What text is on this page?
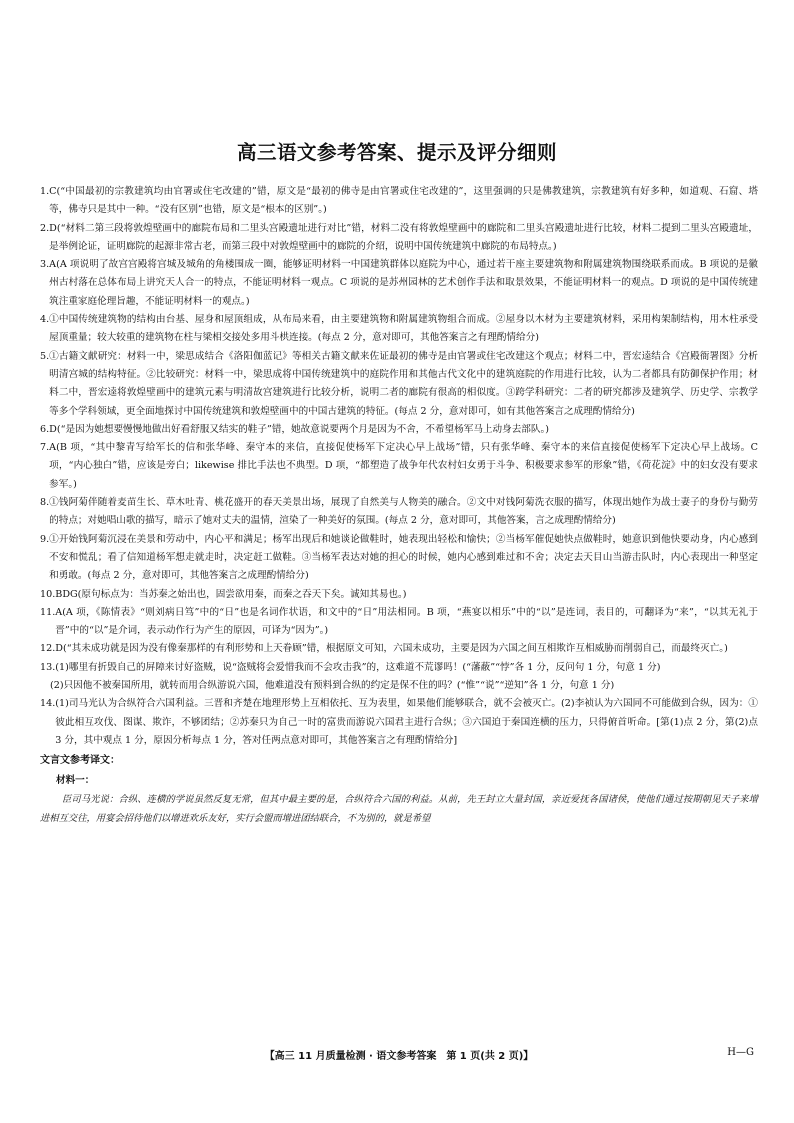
高三语文参考答案、提示及评分细则
1. C(“中国最初的宗教建筑均由官署或住宅改建的”错，原文是“最初的佛寺是由官署或住宅改建的”，这里强调的只是佛教建筑，宗教建筑有好多种，如道观、石窟、塔等，佛寺只是其中一种。“没有区别”也错，原文是“根本的区别”。)
2. D(“材料二第三段将敦煌壁画中的廊院布局和二里头宫殿遗址进行对比”错，材料二没有将敦煌壁画中的廊院和二里头宫殿遗址进行比较，材料二提到二里头宫殿遗址，是举例论证，证明廊院的起源非常古老，而第三段中对敦煌壁画中的廊院的介绍，说明中国传统建筑中廊院的布局特点。)
3. A(A 项说明了故宫宫殿将宫城及城角的角楼围成一圈，能够证明材料一中国建筑群体以庭院为中心，通过若干座主要建筑物和附属建筑物围绕联系而成。B 项说的是徽州古村落在总体布局上讲究天人合一的特点，不能证明材料一观点。C 项说的是苏州园林的艺术创作手法和取景效果，不能证明材料一的观点。D 项说的是中国传统建筑注重家庭伦理旨趣，不能证明材料一的观点。)
4. ①中国传统建筑物的结构由台基、屋身和屋顶组成，从布局来看，由主要建筑物和附属建筑物组合而成。②屋身以木材为主要建筑材料，采用构架制结构，用木柱承受屋顶重量；较大较重的建筑物在柱与梁相交接处多用斗栱连接。(每点 2 分，意对即可，其他答案言之有理酌情给分)
5. ①古籍文献研究：材料一中，梁思成结合《洛阳伽蓝记》等相关古籍文献来佐证最初的佛寺是由官署或住宅改建这个观点；材料二中，晋宏逵结合《宫殿衙署图》分析明清宫城的结构特征。②比较研究：材料一中，梁思成将中国传统建筑中的庭院作用和其他古代文化中的建筑庭院的作用进行比较，认为二者都具有防御保护作用；材料二中，晋宏逵将敦煌壁画中的建筑元素与明清故宫建筑进行比较分析，说明二者的廊院有很高的相似度。③跨学科研究：二者的研究都涉及建筑学、历史学、宗教学等多个学科领域，更全面地探讨中国传统建筑和敦煌壁画中的中国古建筑的特征。(每点 2 分，意对即可，如有其他答案言之成理酌情给分)
6. D(“是因为她想要慢慢地做出好看舒服又结实的鞋子”错，她故意说要两个月是因为不舍，不希望杨军马上动身去部队。)
7. A(B 项，“其中黎青写给军长的信和张华峰、秦守本的来信，直接促使杨军下定决心早上战场”错，只有张华峰、秦守本的来信直接促使杨军下定决心早上战场。C 项，“内心独白”错，应该是旁白；likewise 排比手法也不典型。D 项，“都塑造了战争年代农村妇女勇于斗争、积极要求参军的形象”错，《荷花淀》中的妇女没有要求参军。)
8. ①钱阿菊伴随着麦苗生长、草木吐青、桃花盛开的春天美景出场，展现了自然美与人物美的融合。②文中对钱阿菊洗衣服的描写，体现出她作为战士妻子的身份与勤劳的特点；对她唱山歌的描写，暗示了她对丈夫的温情，渲染了一种美好的氛围。(每点 2 分，意对即可，其他答案，言之成理酌情给分)
9. ①开始钱阿菊沉浸在美景和劳动中，内心平和满足；杨军出现后和她谈论做鞋时，她表现出轻松和愉快；②当杨军催促她快点做鞋时，她意识到他快要动身，内心感到不安和慌乱；看了信知道杨军想走就走时，决定赶工做鞋。③当杨军表达对她的担心的时候，她内心感到难过和不舍；决定去天目山当游击队时，内心表现出一种坚定和勇敢。(每点 2 分，意对即可，其他答案言之成理酌情给分)
10. BDG(原句标点为：当苏秦之始出也，固尝欲用秦，而秦之吞天下矣。诚知其易也。)
11. A(A 项，《陈情表》“则刘病日笃”中的“日”也是名词作状语，和文中的“日”用法相同。B 项，“燕宴以相乐”中的“以”是连词，表目的，可翻译为“来”，“以其无礼于晋”中的“以”是介词，表示动作行为产生的原因，可译为“因为”。)
12. D(“其未成功就是因为没有像秦那样的有利形势和上天眷顾”错，根据原文可知，六国未成功，主要是因为六国之间互相欺诈互相威胁而削弱自己，而最终灭亡。)
13. (1)哪里有折毁自己的屏障来讨好盗贼，说“盗贼将会爱惜我而不会攻击我”的，这难道不荒谬吗！(“藩蔽”“悖”各 1 分，反问句 1 分，句意 1 分)
(2)只因他不被秦国所用，就转而用合纵游说六国，他难道没有预料到合纵的约定是保不住的吗？(“惟”“说”“逆知”各 1 分，句意 1 分)
14. (1)司马光认为合纵符合六国利益。三晋和齐楚在地理形势上互相依托、互为表里，如果他们能够联合，就不会被灭亡。(2)李祯认为六国同不可能做到合纵，因为：①彼此相互攻伐、图谋、欺诈，不够团结；②苏秦只为自己一时的富贵而游说六国君主进行合纵；③六国迫于秦国连横的压力，只得俯首听命。[第(1)点 2 分，第(2)点 3 分，其中观点 1 分，原因分析每点 1 分，答对任两点意对即可，其他答案言之有理酌情给分]
文言文参考译文：
材料一：

臣司马光说：合纵、连横的学说虽然反复无常，但其中最主要的是，合纵符合六国的利益。从前，先王封立大量封国，亲近爱抚各国诸侯，使他们通过按期朝见天子来增进相互交往，用宴会招待他们以增进欢乐友好，实行会盟而增进团结联合，不为别的，就是希望

【高三 11 月质量检测 · 语文参考答案　第 1 页(共 2 页)】	H—G
